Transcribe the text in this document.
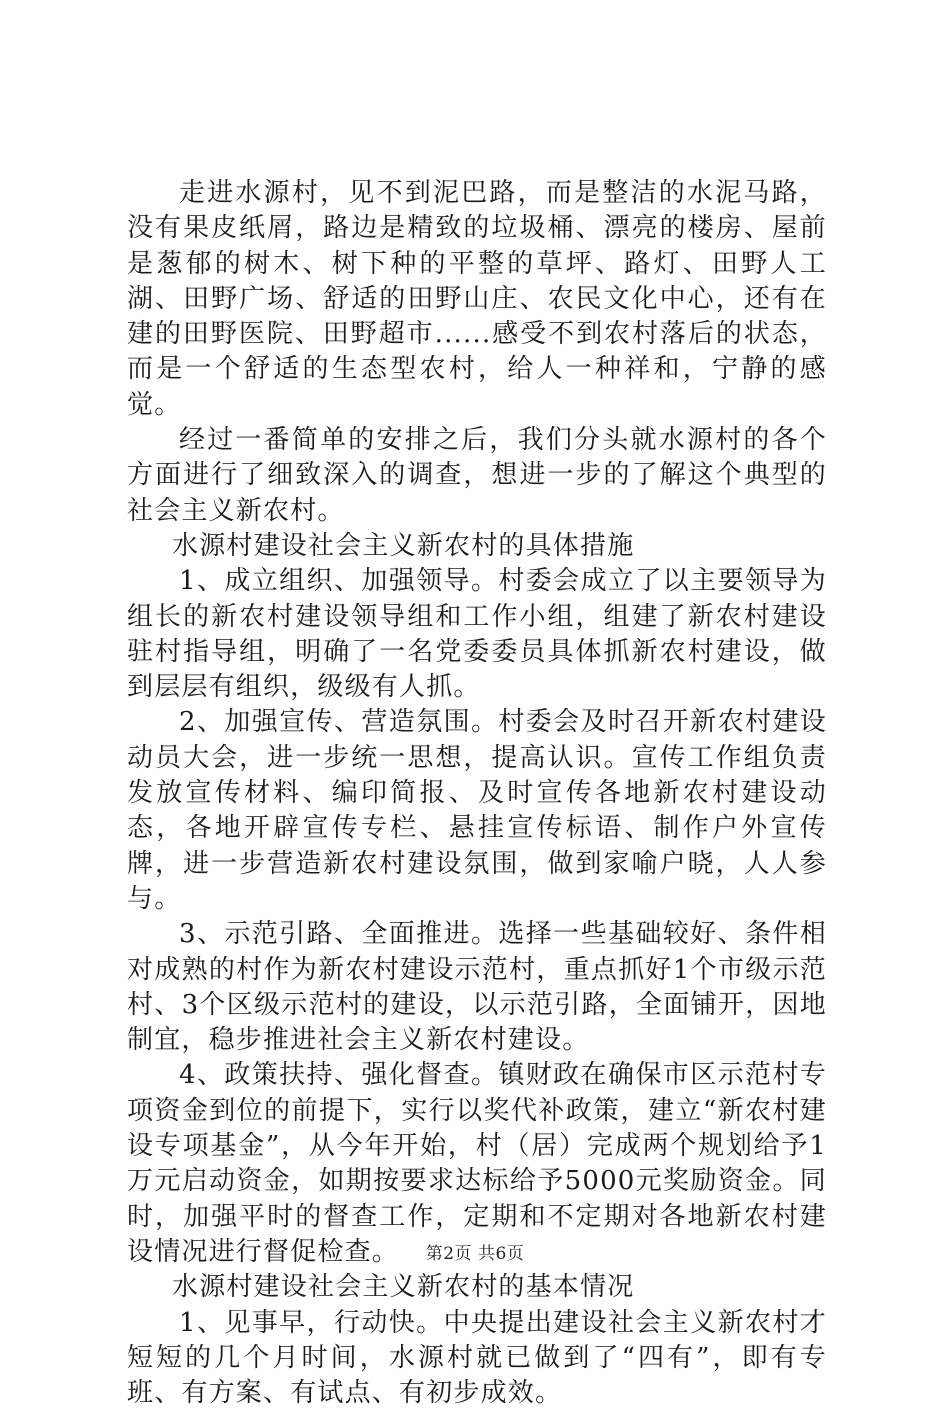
走进水源村，见不到泥巴路，而是整洁的水泥马路，没有果皮纸屑，路边是精致的垃圾桶、漂亮的楼房、屋前是葱郁的树木、树下种的平整的草坪、路灯、田野人工湖、田野广场、舒适的田野山庄、农民文化中心，还有在建的田野医院、田野超市......感受不到农村落后的状态，而是一个舒适的生态型农村，给人一种祥和，宁静的感觉。

经过一番简单的安排之后，我们分头就水源村的各个方面进行了细致深入的调查，想进一步的了解这个典型的社会主义新农村。

水源村建设社会主义新农村的具体措施

1、成立组织、加强领导。村委会成立了以主要领导为组长的新农村建设领导组和工作小组，组建了新农村建设驻村指导组，明确了一名党委委员具体抓新农村建设，做到层层有组织，级级有人抓。

2、加强宣传、营造氛围。村委会及时召开新农村建设动员大会，进一步统一思想，提高认识。宣传工作组负责发放宣传材料、编印简报、及时宣传各地新农村建设动态，各地开辟宣传专栏、悬挂宣传标语、制作户外宣传牌，进一步营造新农村建设氛围，做到家喻户晓，人人参与。

3、示范引路、全面推进。选择一些基础较好、条件相对成熟的村作为新农村建设示范村，重点抓好1个市级示范村、3个区级示范村的建设，以示范引路，全面铺开，因地制宜，稳步推进社会主义新农村建设。

4、政策扶持、强化督查。镇财政在确保市区示范村专项资金到位的前提下，实行以奖代补政策，建立“新农村建设专项基金”，从今年开始，村（居）完成两个规划给予1万元启动资金，如期按要求达标给予5000元奖励资金。同时，加强平时的督查工作，定期和不定期对各地新农村建设情况进行督促检查。

水源村建设社会主义新农村的基本情况

1、见事早，行动快。中央提出建设社会主义新农村才短短的几个月时间，水源村就已做到了“四有”，即有专班、有方案、有试点、有初步成效。

第2页 共6页
